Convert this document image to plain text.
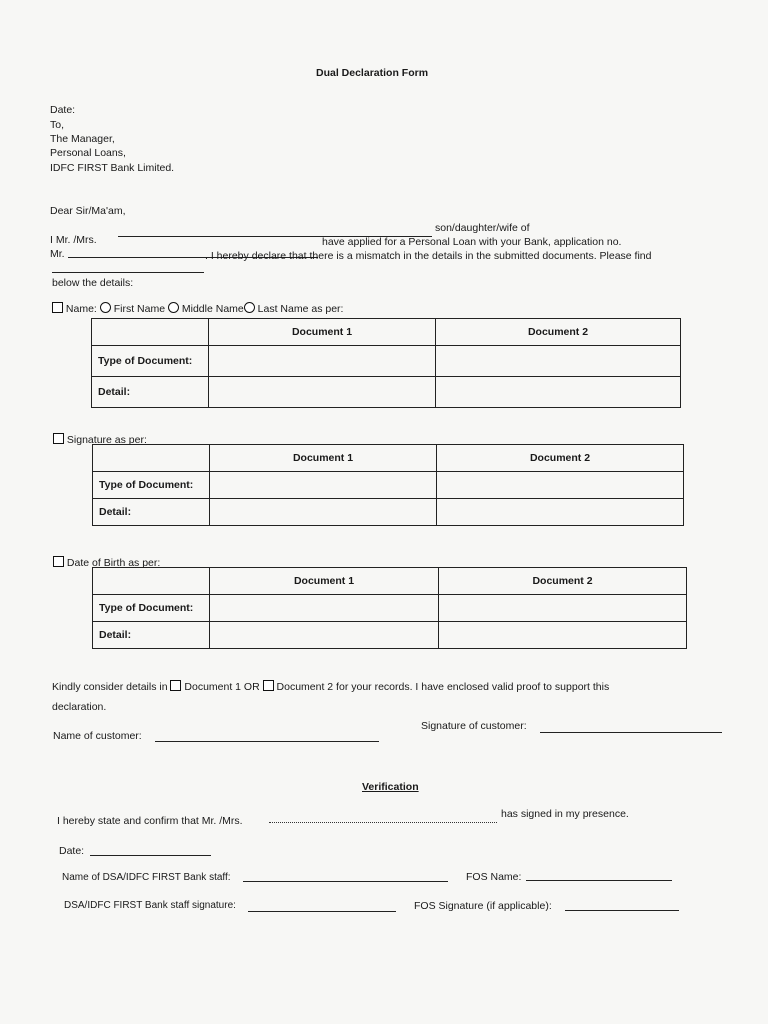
Dual Declaration Form
Date:
To,
The Manager,
Personal Loans,
IDFC FIRST Bank Limited.
Dear Sir/Ma'am,
son/daughter/wife of
I Mr. /Mrs.
Mr.
have applied for a Personal Loan with your Bank, application no.
. I hereby declare that there is a mismatch in the details in the submitted documents. Please find
below the details:
Name: First Name Middle Name Last Name as per:
	Document 1	Document 2
Type of Document:		
Detail:		
Signature as per:
	Document 1	Document 2
Type of Document:		
Detail:		
Date of Birth as per:
	Document 1	Document 2
Type of Document:		
Detail:		
Kindly consider details in Document 1 OR Document 2 for your records. I have enclosed valid proof to support this
declaration.
Name of customer:
Signature of customer:
Verification
I hereby state and confirm that Mr. /Mrs.
has signed in my presence.
Date:
Name of DSA/IDFC FIRST Bank staff:	FOS Name:
DSA/IDFC FIRST Bank staff signature:	FOS Signature (if applicable):
